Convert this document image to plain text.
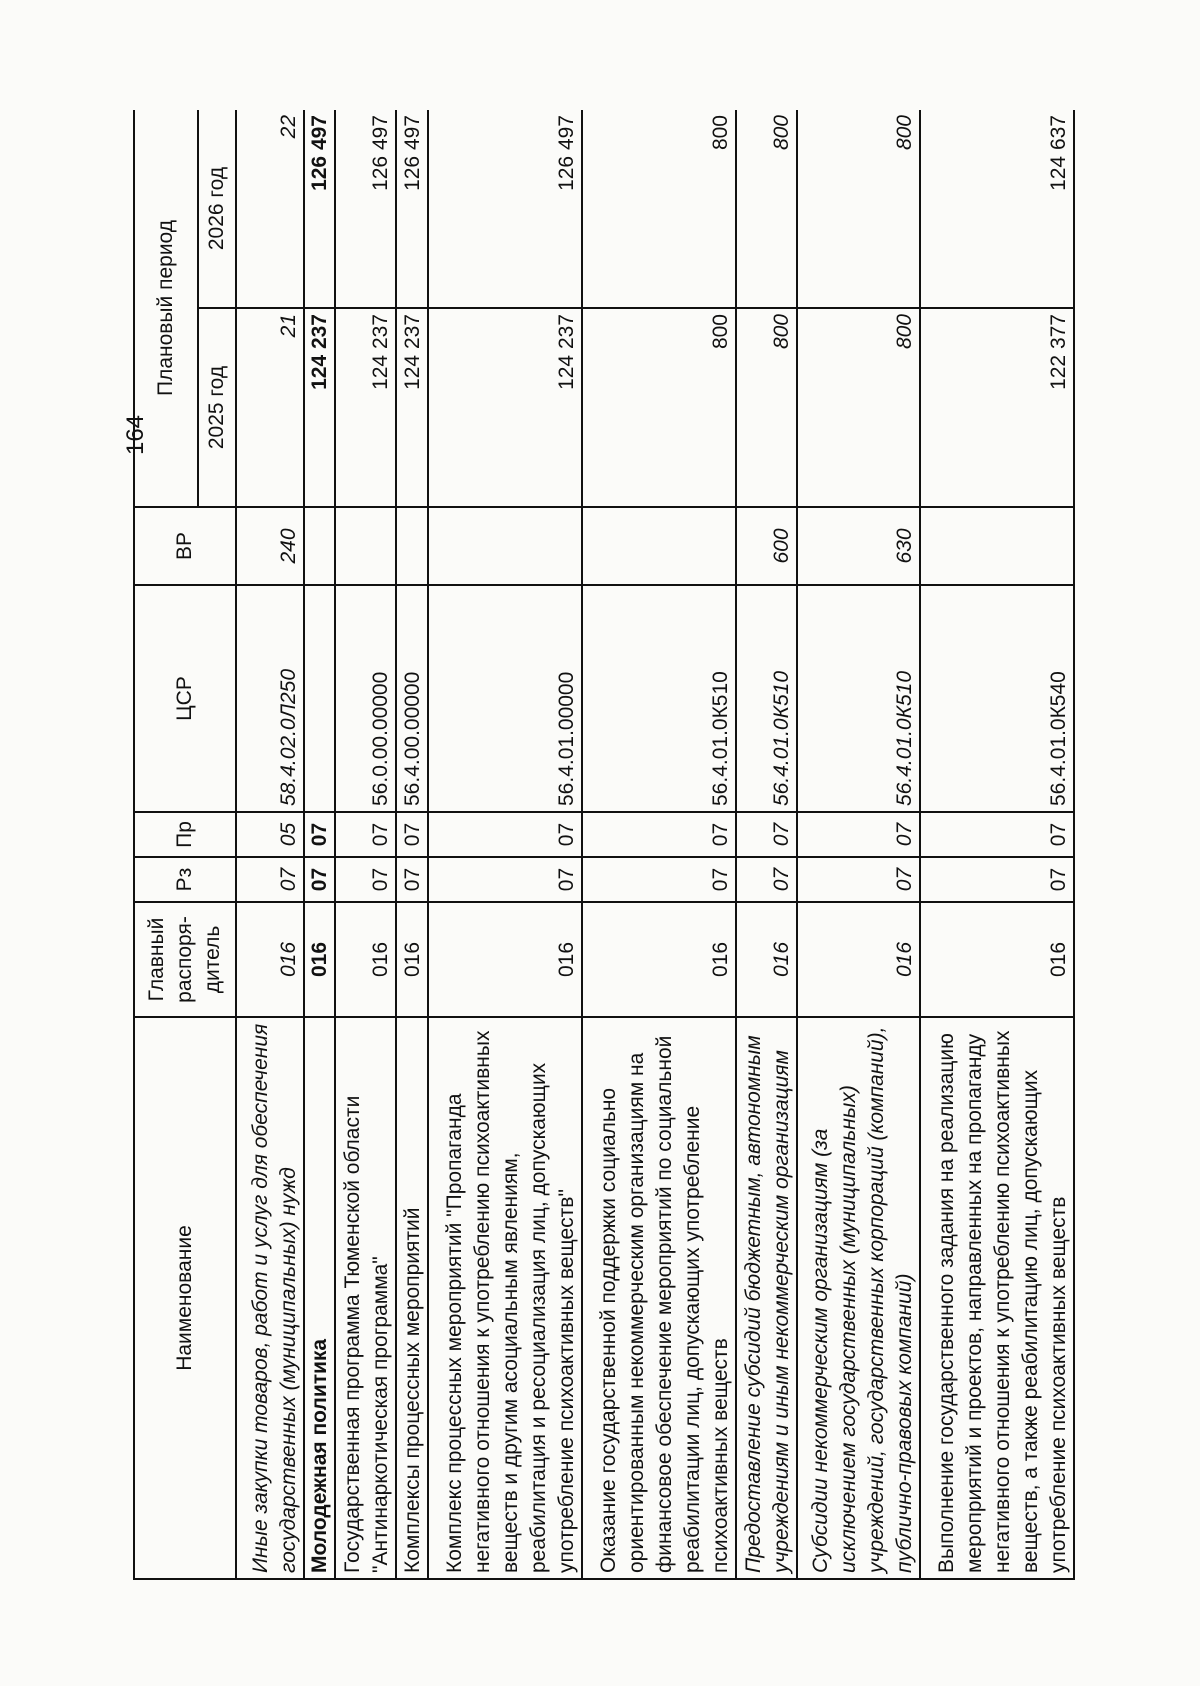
164
Наименование	Главный распоря- дитель	Рз	Пр	ЦСР	ВР	Плановый период	
						2025 год	2026 год
Иные закупки товаров, работ и услуг для обеспечения государственных (муниципальных) нужд	016	07	05	58.4.02.0Л250	240	21	22
Молодежная политика	016	07	07			124 237	126 497
Государственная программа Тюменской области "Антинаркотическая программа"	016	07	07	56.0.00.00000		124 237	126 497
Комплексы процессных мероприятий	016	07	07	56.4.00.00000		124 237	126 497
Комплекс процессных мероприятий "Пропаганда негативного отношения к употреблению психоактивных веществ и другим асоциальным явлениям, реабилитация и ресоциализация лиц, допускающих употребление психоактивных веществ"	016	07	07	56.4.01.00000		124 237	126 497
Оказание государственной поддержки социально ориентированным некоммерческим организациям на финансовое обеспечение мероприятий по социальной реабилитации лиц, допускающих употребление психоактивных веществ	016	07	07	56.4.01.0К510		800	800
Предоставление субсидий бюджетным, автономным учреждениям и иным некоммерческим организациям	016	07	07	56.4.01.0К510	600	800	800
Субсидии некоммерческим организациям (за исключением государственных (муниципальных) учреждений, государственных корпораций (компаний), публично-правовых компаний)	016	07	07	56.4.01.0К510	630	800	800
Выполнение государственного задания на реализацию мероприятий и проектов, направленных на пропаганду негативного отношения к употреблению психоактивных веществ, а также реабилитацию лиц, допускающих употребление психоактивных веществ	016	07	07	56.4.01.0К540		122 377	124 637
